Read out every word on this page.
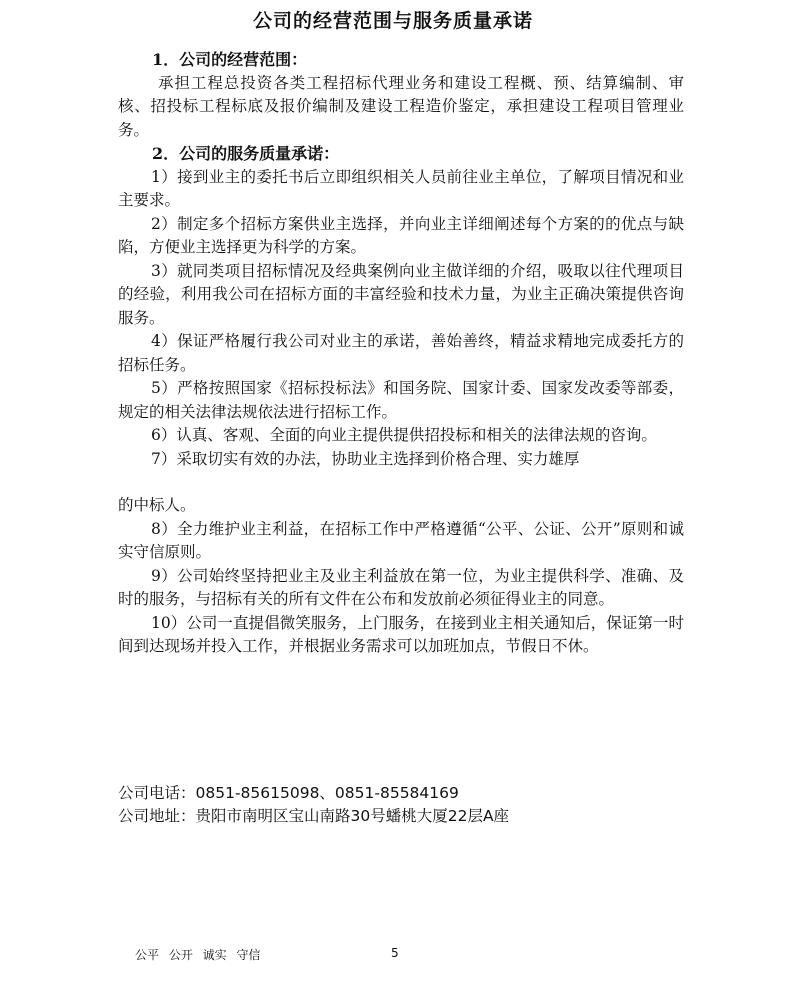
公司的经营范围与服务质量承诺

1．公司的经营范围：

承担工程总投资各类工程招标代理业务和建设工程概、预、结算编制、审核、招投标工程标底及报价编制及建设工程造价鉴定，承担建设工程项目管理业务。

2．公司的服务质量承诺：

1）接到业主的委托书后立即组织相关人员前往业主单位，了解项目情况和业主要求。

2）制定多个招标方案供业主选择，并向业主详细阐述每个方案的的优点与缺陷，方便业主选择更为科学的方案。

3）就同类项目招标情况及经典案例向业主做详细的介绍，吸取以往代理项目的经验，利用我公司在招标方面的丰富经验和技术力量，为业主正确决策提供咨询服务。

4）保证严格履行我公司对业主的承诺，善始善终，精益求精地完成委托方的招标任务。

5）严格按照国家《招标投标法》和国务院、国家计委、国家发改委等部委，规定的相关法律法规依法进行招标工作。

6）认真、客观、全面的向业主提供提供招投标和相关的法律法规的咨询。

7）采取切实有效的办法，协助业主选择到价格合理、实力雄厚

的中标人。

8）全力维护业主利益，在招标工作中严格遵循“公平、公证、公开”原则和诚实守信原则。

9）公司始终坚持把业主及业主利益放在第一位，为业主提供科学、准确、及时的服务，与招标有关的所有文件在公布和发放前必须征得业主的同意。

10）公司一直提倡微笑服务，上门服务，在接到业主相关通知后，保证第一时间到达现场并投入工作，并根据业务需求可以加班加点，节假日不休。

公司电话：0851-85615098、0851-85584169
公司地址：贵阳市南明区宝山南路30号蟠桃大厦22层A座
公平 公开 诚实 守信	5
